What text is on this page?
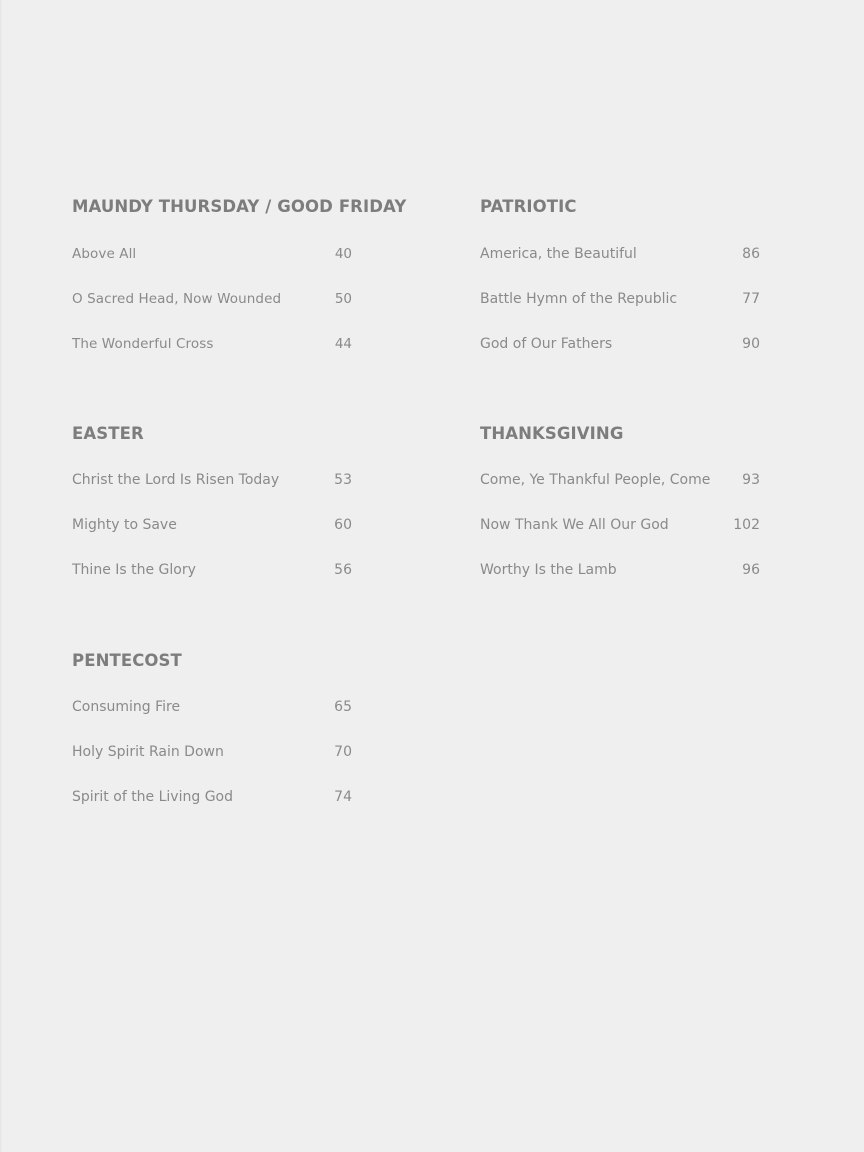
MAUNDY THURSDAY / GOOD FRIDAY
Above All	40
O Sacred Head, Now Wounded	50
The Wonderful Cross	44
PATRIOTIC
America, the Beautiful	86
Battle Hymn of the Republic	77
God of Our Fathers	90
EASTER
Christ the Lord Is Risen Today	53
Mighty to Save	60
Thine Is the Glory	56
THANKSGIVING
Come, Ye Thankful People, Come 93
Now Thank We All Our God	102
Worthy Is the Lamb	96
PENTECOST
Consuming Fire	65
Holy Spirit Rain Down	70
Spirit of the Living God	74
